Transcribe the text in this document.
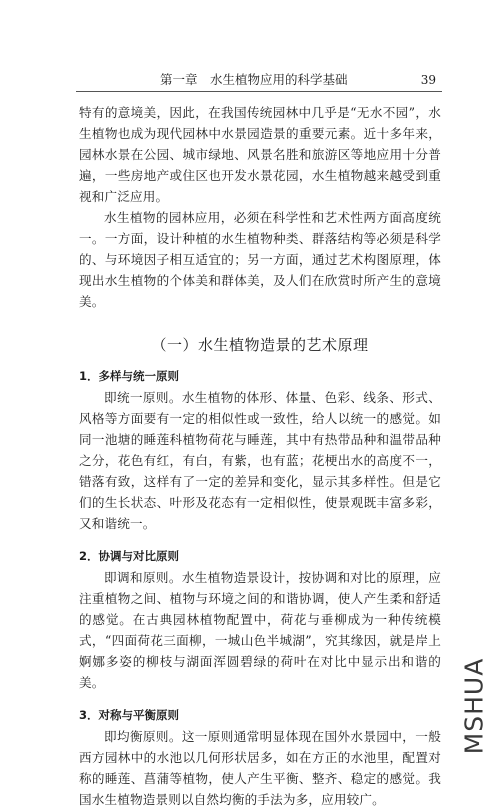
第一章　水生植物应用的科学基础	39

特有的意境美，因此，在我国传统园林中几乎是“无水不园”，水生植物也成为现代园林中水景园造景的重要元素。近十多年来，园林水景在公园、城市绿地、风景名胜和旅游区等地应用十分普遍，一些房地产或住区也开发水景花园，水生植物越来越受到重视和广泛应用。

水生植物的园林应用，必须在科学性和艺术性两方面高度统一。一方面，设计种植的水生植物种类、群落结构等必须是科学的、与环境因子相互适宜的；另一方面，通过艺术构图原理，体现出水生植物的个体美和群体美，及人们在欣赏时所产生的意境美。

（一）水生植物造景的艺术原理

1．多样与统一原则

即统一原则。水生植物的体形、体量、色彩、线条、形式、风格等方面要有一定的相似性或一致性，给人以统一的感觉。如同一池塘的睡莲科植物荷花与睡莲，其中有热带品种和温带品种之分，花色有红，有白，有紫，也有蓝；花梗出水的高度不一，错落有致，这样有了一定的差异和变化，显示其多样性。但是它们的生长状态、叶形及花态有一定相似性，使景观既丰富多彩，又和谐统一。

2．协调与对比原则

即调和原则。水生植物造景设计，按协调和对比的原理，应注重植物之间、植物与环境之间的和谐协调，使人产生柔和舒适的感觉。在古典园林植物配置中，荷花与垂柳成为一种传统模式，“四面荷花三面柳，一城山色半城湖”，究其缘因，就是岸上婀娜多姿的柳枝与湖面浑圆碧绿的荷叶在对比中显示出和谐的美。

3．对称与平衡原则

即均衡原则。这一原则通常明显体现在国外水景园中，一般西方园林中的水池以几何形状居多，如在方正的水池里，配置对称的睡莲、菖蒲等植物，使人产生平衡、整齐、稳定的感觉。我国水生植物造景则以自然均衡的手法为多，应用较广。

MSHUA
